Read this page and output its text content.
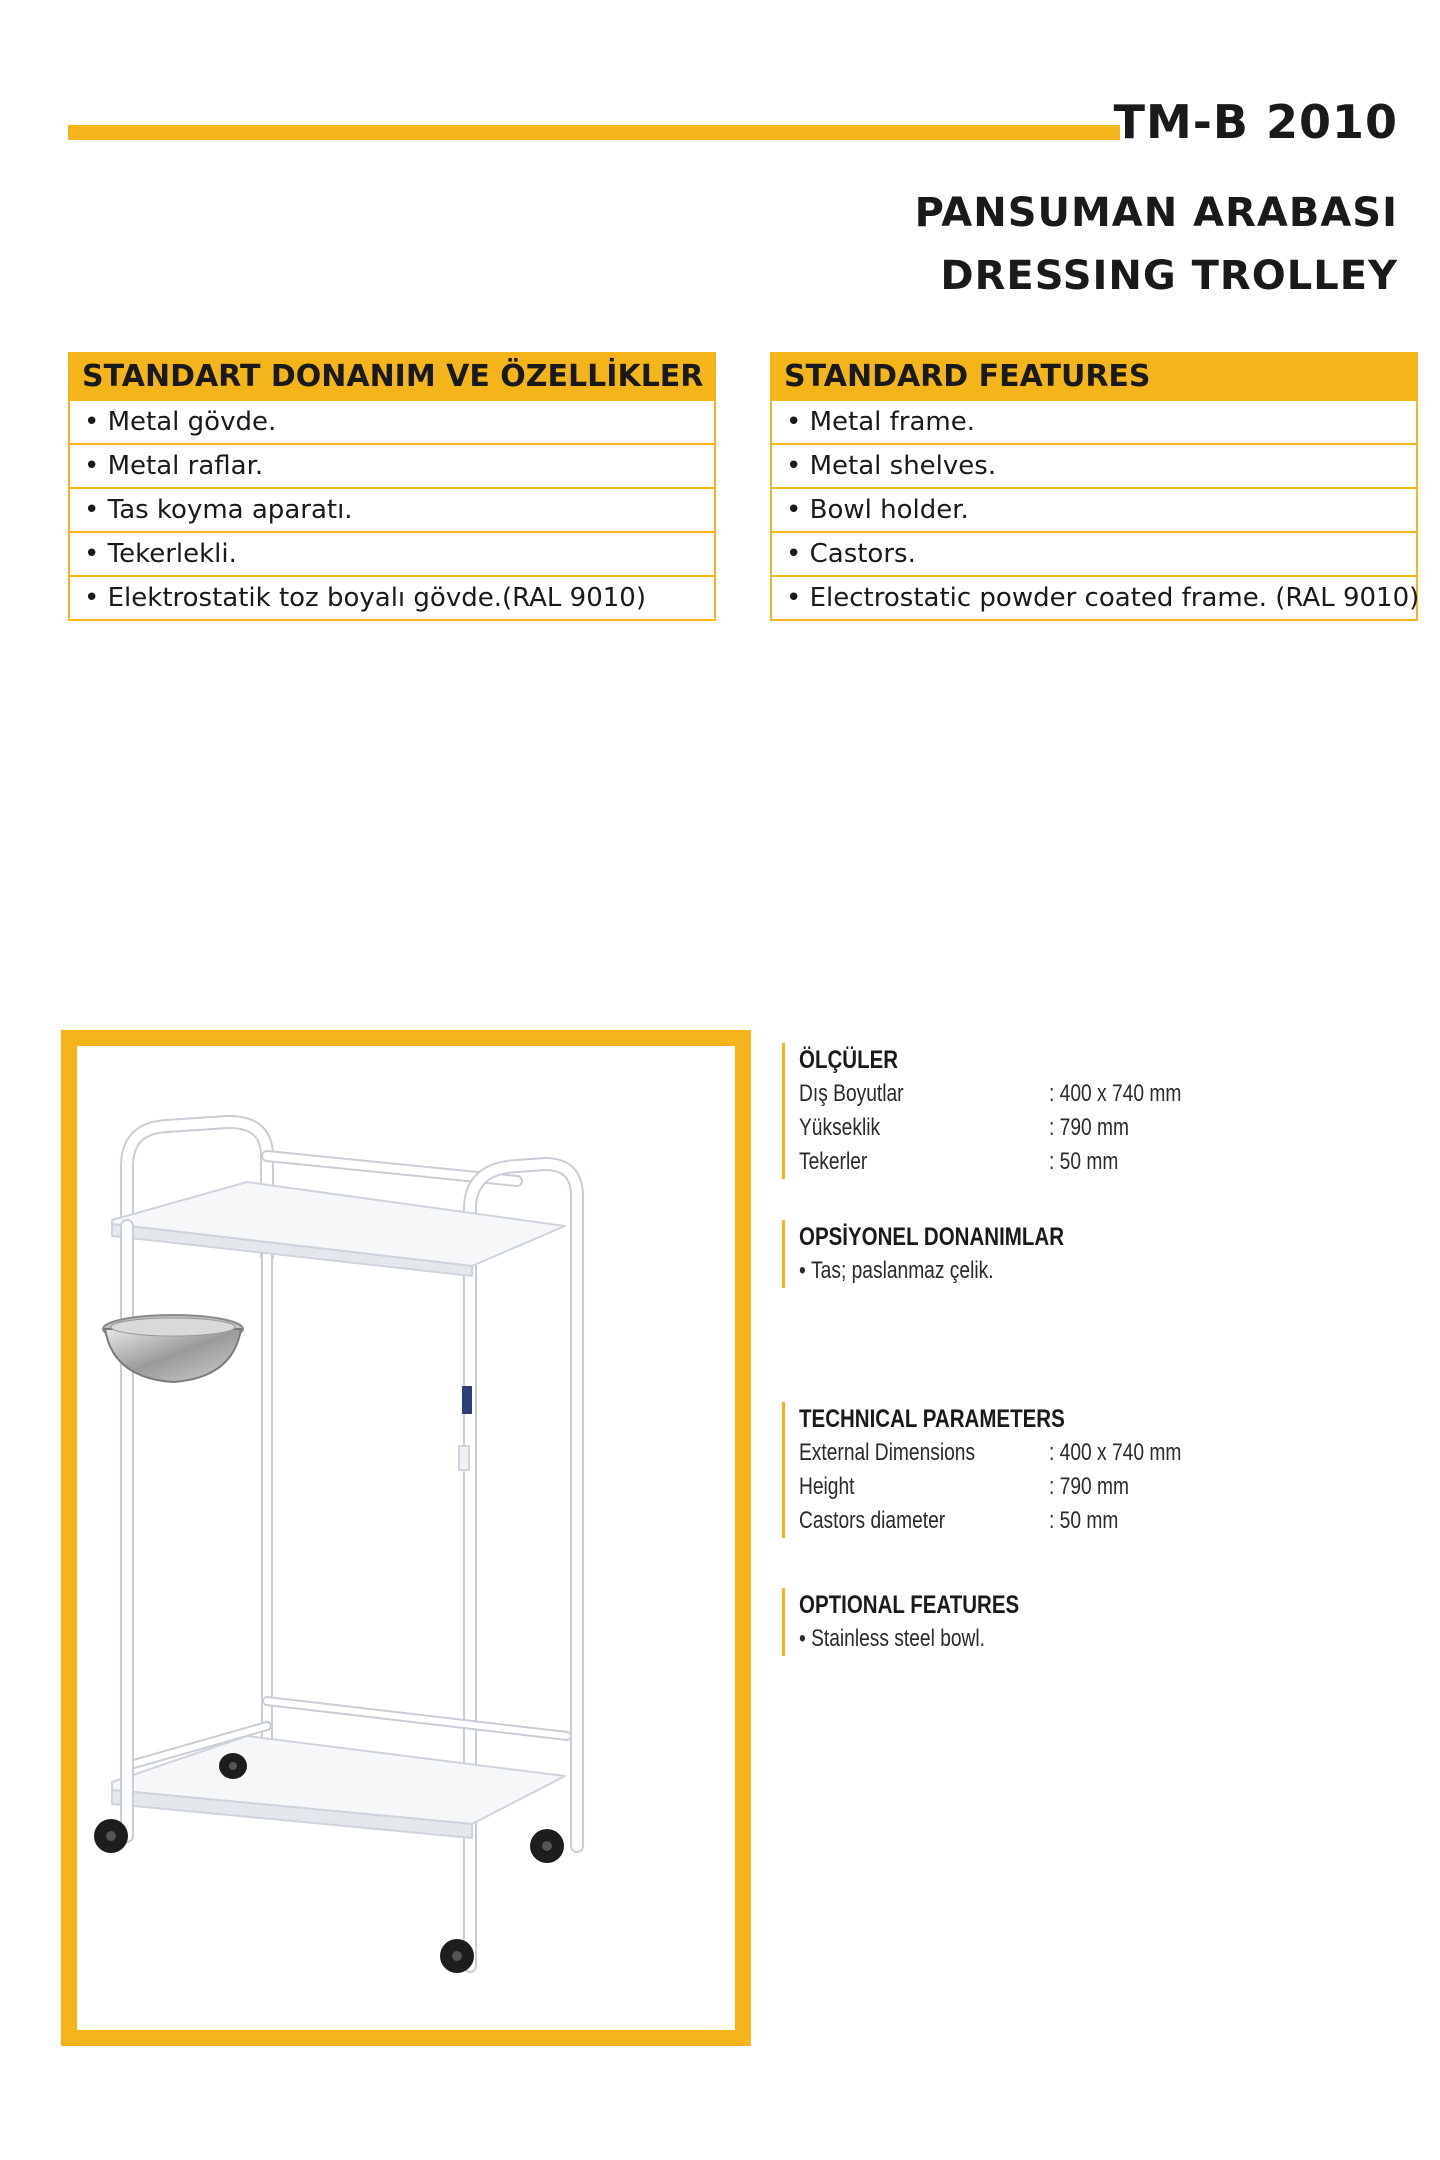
TM-B 2010
PANSUMAN ARABASI
DRESSING TROLLEY
STANDART DONANIM VE ÖZELLİKLER
• Metal gövde.
• Metal raflar.
• Tas koyma aparatı.
• Tekerlekli.
• Elektrostatik toz boyalı gövde.(RAL 9010)
STANDARD FEATURES
• Metal frame.
• Metal shelves.
• Bowl holder.
• Castors.
• Electrostatic powder coated frame. (RAL 9010)
ÖLÇÜLER
Dış Boyutlar	: 400 x 740 mm
Yükseklik	: 790 mm
Tekerler	: 50 mm
OPSİYONEL DONANIMLAR
• Tas; paslanmaz çelik.
TECHNICAL PARAMETERS
External Dimensions	: 400 x 740 mm
Height	: 790 mm
Castors diameter	: 50 mm
OPTIONAL FEATURES
• Stainless steel bowl.
